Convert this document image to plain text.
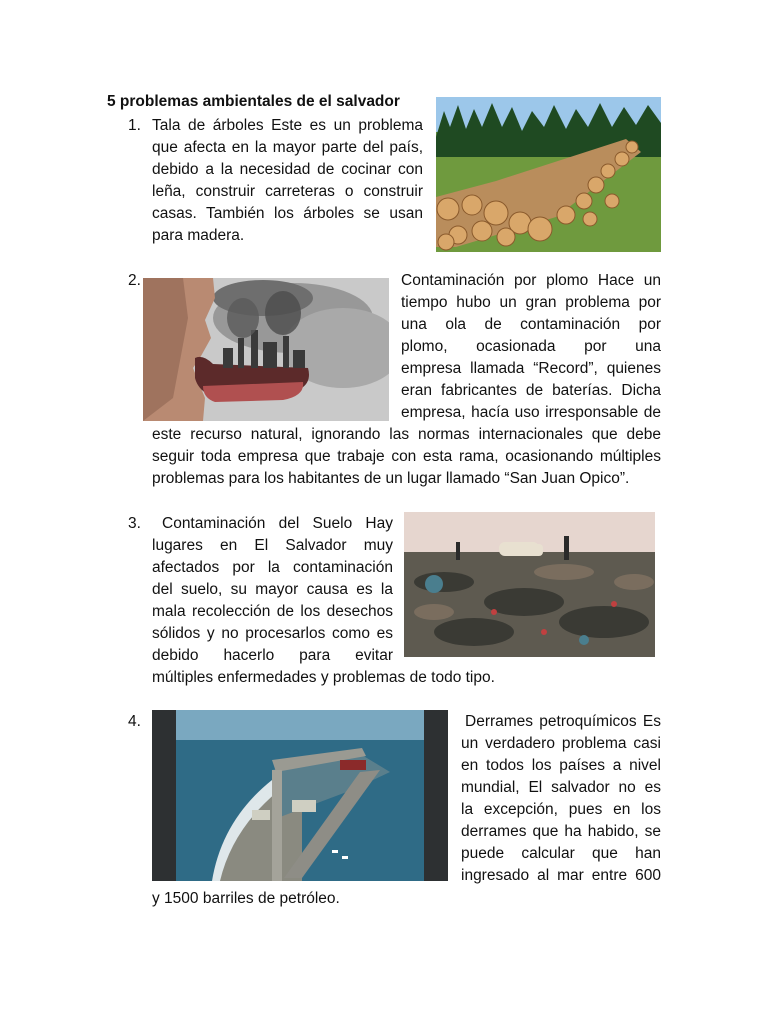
5 problemas ambientales de el salvador
1. Tala de árboles Este es un problema

que afecta en la mayor parte del país,

debido a la necesidad de cocinar con

leña, construir carreteras o construir

casas. También los árboles se usan

para madera.

2.	Contaminación por plomo Hace un

tiempo hubo un gran problema por

una ola de contaminación por

plomo, ocasionada por una

empresa llamada “Record”, quienes

eran fabricantes de baterías. Dicha

empresa, hacía uso irresponsable de

este recurso natural, ignorando las normas internacionales que debe

seguir toda empresa que trabaje con esta rama, ocasionando múltiples

problemas para los habitantes de un lugar llamado “San Juan Opico”.

3.	Contaminación del Suelo Hay

lugares en El Salvador muy

afectados por la contaminación

del suelo, su mayor causa es la

mala recolección de los desechos

sólidos y no procesarlos como es

debido hacerlo para evitar

múltiples enfermedades y problemas de todo tipo.

4.	Derrames petroquímicos Es

un verdadero problema casi

en todos los países a nivel

mundial, El salvador no es

la excepción, pues en los

derrames que ha habido, se

puede calcular que han

ingresado al mar entre 600

y 1500 barriles de petróleo.
